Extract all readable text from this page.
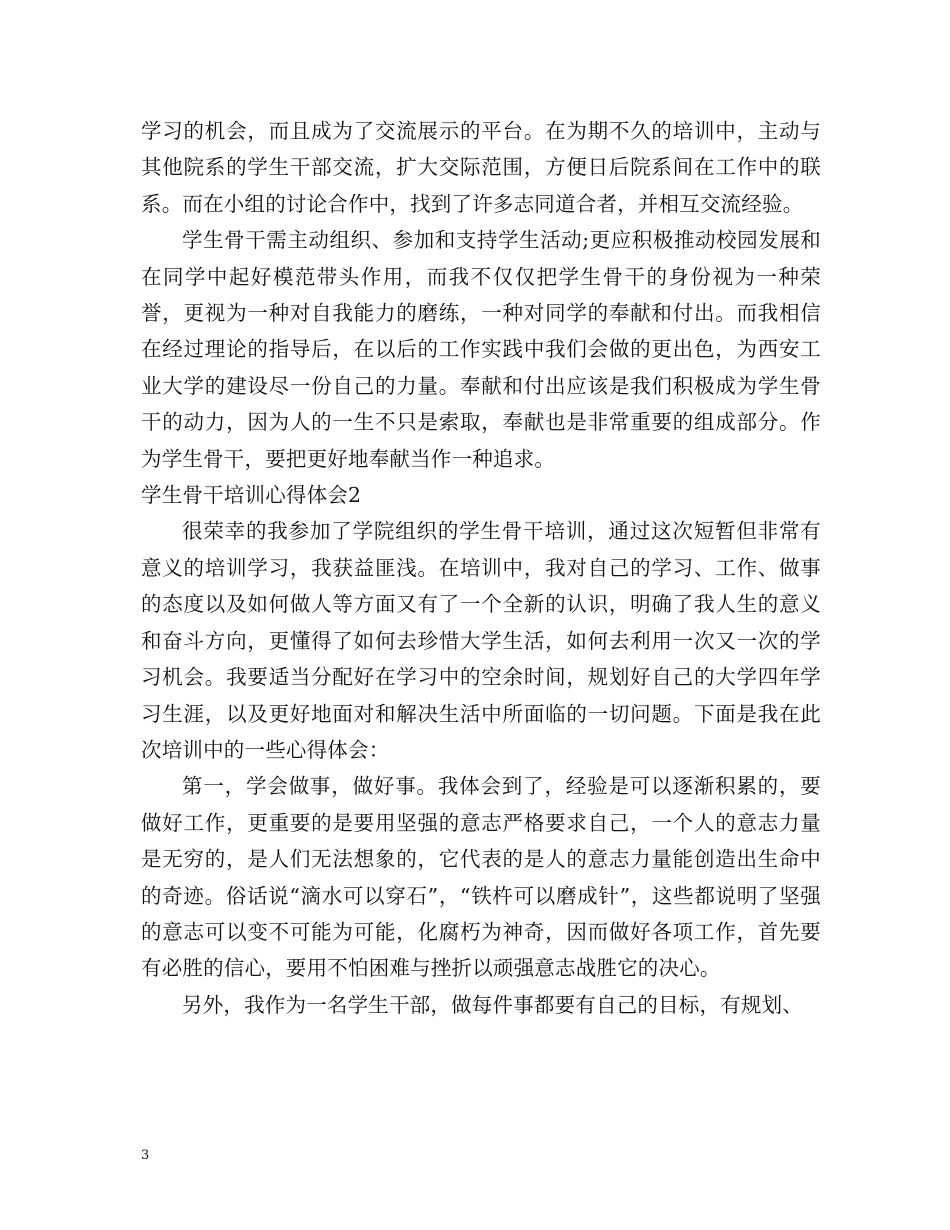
学习的机会，而且成为了交流展示的平台。在为期不久的培训中，主动与其他院系的学生干部交流，扩大交际范围，方便日后院系间在工作中的联系。而在小组的讨论合作中，找到了许多志同道合者，并相互交流经验。

学生骨干需主动组织、参加和支持学生活动;更应积极推动校园发展和在同学中起好模范带头作用，而我不仅仅把学生骨干的身份视为一种荣誉，更视为一种对自我能力的磨练，一种对同学的奉献和付出。而我相信在经过理论的指导后，在以后的工作实践中我们会做的更出色，为西安工业大学的建设尽一份自己的力量。奉献和付出应该是我们积极成为学生骨干的动力，因为人的一生不只是索取，奉献也是非常重要的组成部分。作为学生骨干，要把更好地奉献当作一种追求。

学生骨干培训心得体会2

很荣幸的我参加了学院组织的学生骨干培训，通过这次短暂但非常有意义的培训学习，我获益匪浅。在培训中，我对自己的学习、工作、做事的态度以及如何做人等方面又有了一个全新的认识，明确了我人生的意义和奋斗方向，更懂得了如何去珍惜大学生活，如何去利用一次又一次的学习机会。我要适当分配好在学习中的空余时间，规划好自己的大学四年学习生涯，以及更好地面对和解决生活中所面临的一切问题。下面是我在此次培训中的一些心得体会：

第一，学会做事，做好事。我体会到了，经验是可以逐渐积累的，要做好工作，更重要的是要用坚强的意志严格要求自己，一个人的意志力量是无穷的，是人们无法想象的，它代表的是人的意志力量能创造出生命中的奇迹。俗话说“滴水可以穿石”，“铁杵可以磨成针”，这些都说明了坚强的意志可以变不可能为可能，化腐朽为神奇，因而做好各项工作，首先要有必胜的信心，要用不怕困难与挫折以顽强意志战胜它的决心。

另外，我作为一名学生干部，做每件事都要有自己的目标，有规划、

3
